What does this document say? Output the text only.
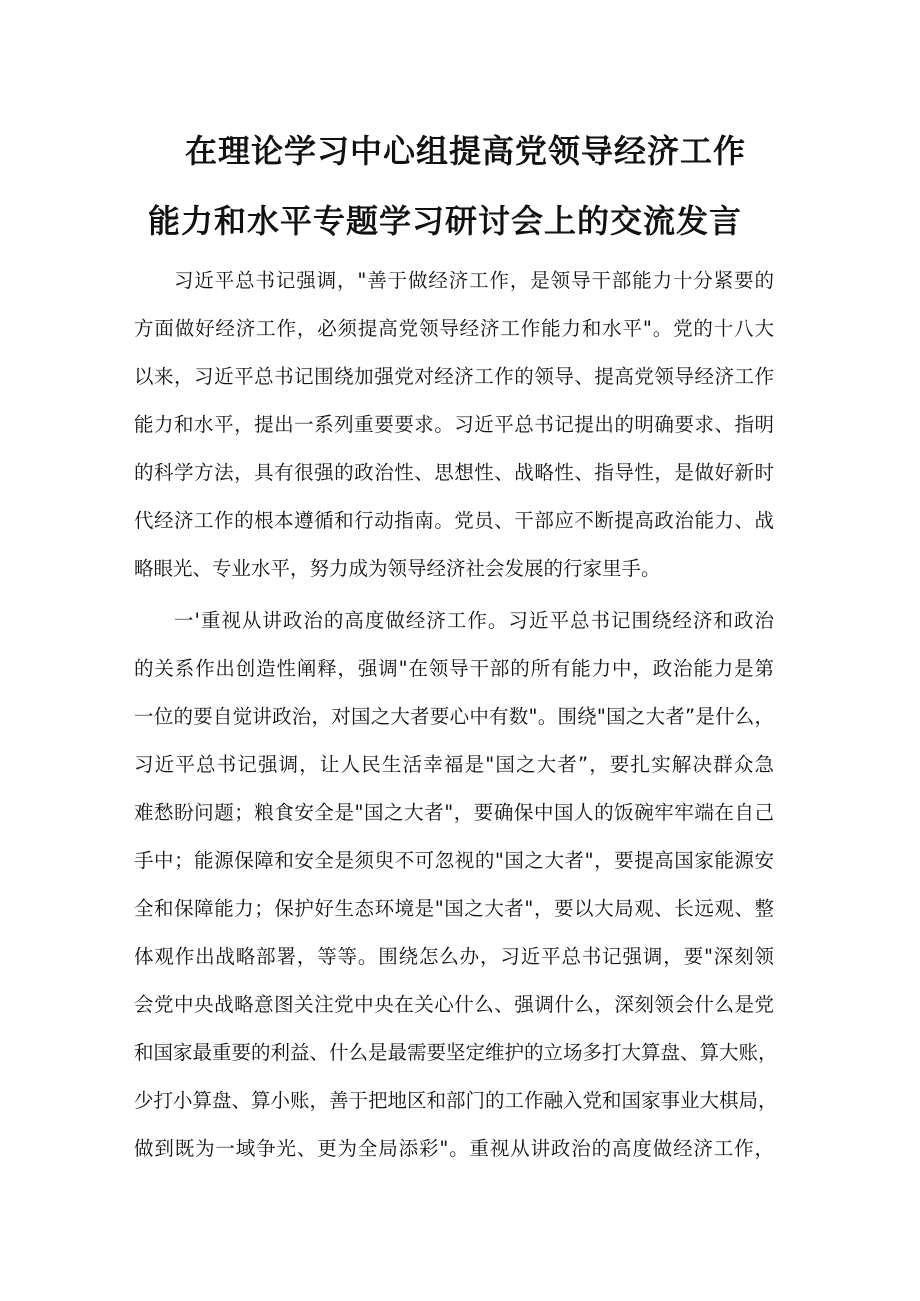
在理论学习中心组提高党领导经济工作
能力和水平专题学习研讨会上的交流发言
习近平总书记强调，"善于做经济工作，是领导干部能力十分紧要的
方面做好经济工作，必须提高党领导经济工作能力和水平"。党的十八大
以来，习近平总书记围绕加强党对经济工作的领导、提高党领导经济工作
能力和水平，提出一系列重要要求。习近平总书记提出的明确要求、指明
的科学方法，具有很强的政治性、思想性、战略性、指导性，是做好新时
代经济工作的根本遵循和行动指南。党员、干部应不断提高政治能力、战
略眼光、专业水平，努力成为领导经济社会发展的行家里手。
一'重视从讲政治的高度做经济工作。习近平总书记围绕经济和政治
的关系作出创造性阐释，强调"在领导干部的所有能力中，政治能力是第
一位的要自觉讲政治，对国之大者要心中有数"。围绕"国之大者”是什么，
习近平总书记强调，让人民生活幸福是"国之大者”，要扎实解决群众急
难愁盼问题；粮食安全是"国之大者"，要确保中国人的饭碗牢牢端在自己
手中；能源保障和安全是须臾不可忽视的"国之大者"，要提高国家能源安
全和保障能力；保护好生态环境是"国之大者"，要以大局观、长远观、整
体观作出战略部署，等等。围绕怎么办，习近平总书记强调，要"深刻领
会党中央战略意图关注党中央在关心什么、强调什么，深刻领会什么是党
和国家最重要的利益、什么是最需要坚定维护的立场多打大算盘、算大账，
少打小算盘、算小账，善于把地区和部门的工作融入党和国家事业大棋局，
做到既为一域争光、更为全局添彩"。重视从讲政治的高度做经济工作，
